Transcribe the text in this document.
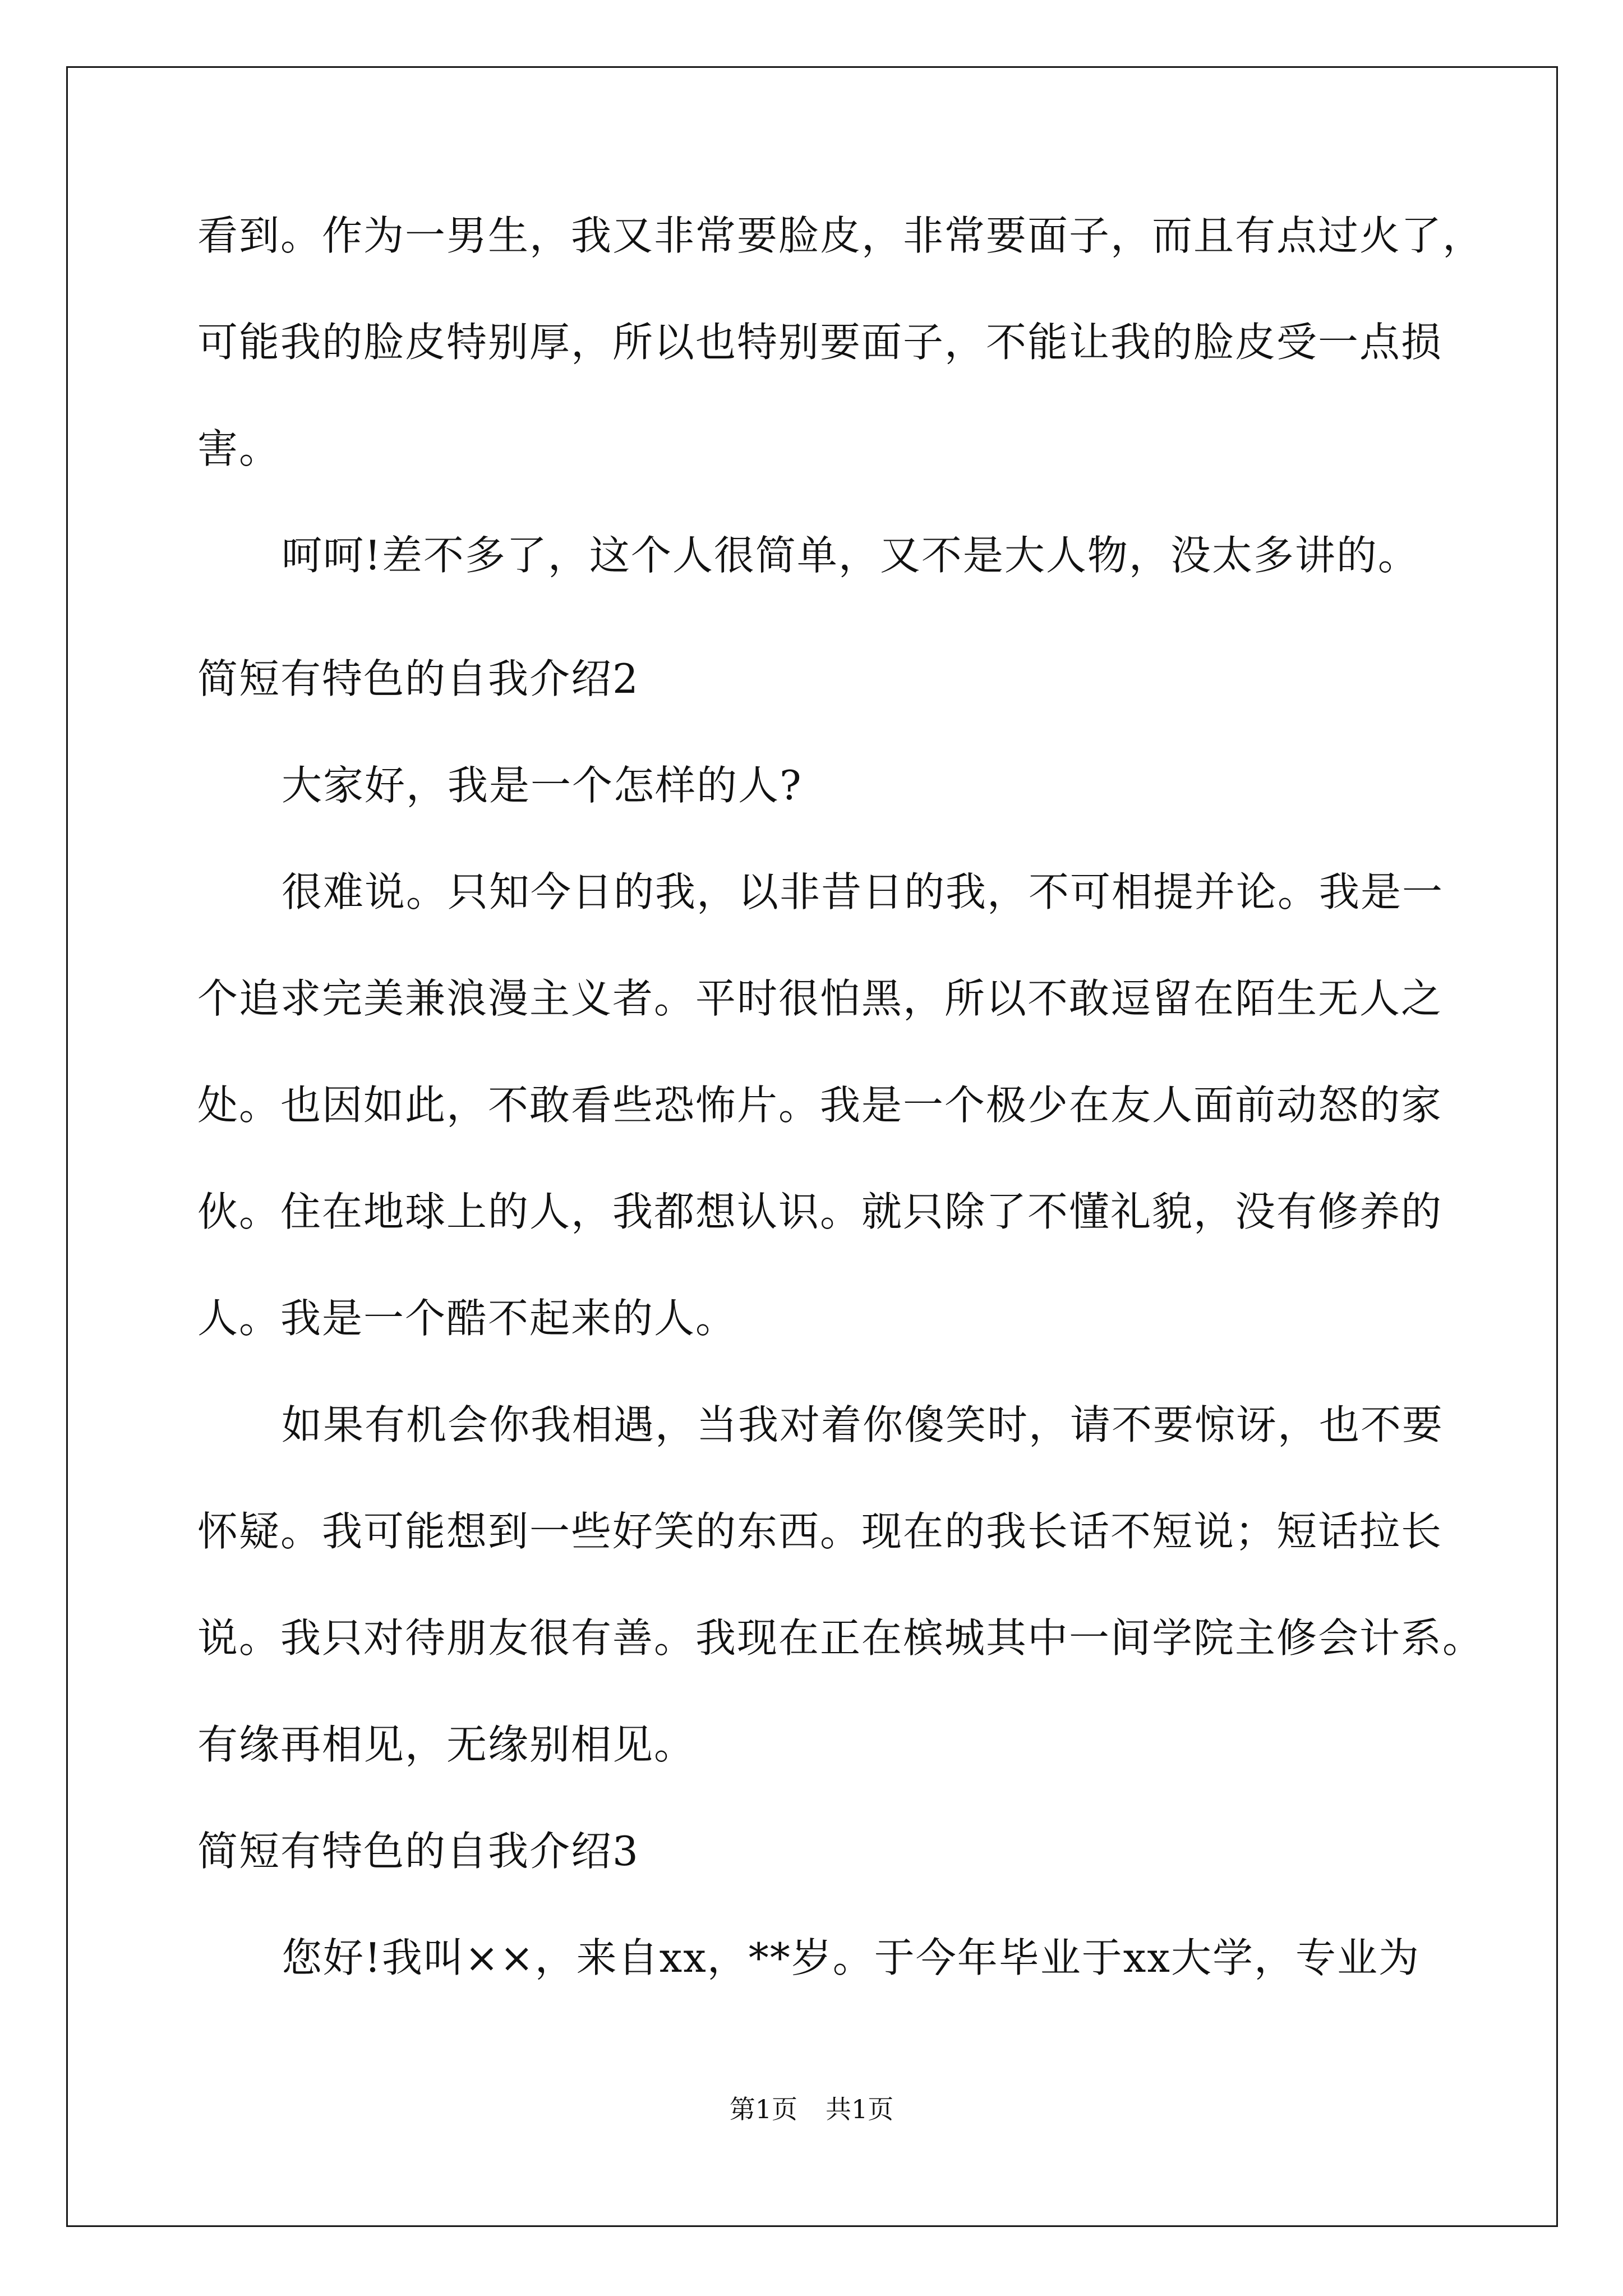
看到。作为一男生，我又非常要脸皮，非常要面子，而且有点过火了，
可能我的脸皮特别厚，所以也特别要面子，不能让我的脸皮受一点损
害。
呵呵!差不多了，这个人很简单，又不是大人物，没太多讲的。
简短有特色的自我介绍2
大家好，我是一个怎样的人?
很难说。只知今日的我，以非昔日的我，不可相提并论。我是一
个追求完美兼浪漫主义者。平时很怕黑，所以不敢逗留在陌生无人之
处。也因如此，不敢看些恐怖片。我是一个极少在友人面前动怒的家
伙。住在地球上的人，我都想认识。就只除了不懂礼貌，没有修养的
人。我是一个酷不起来的人。
如果有机会你我相遇，当我对着你傻笑时，请不要惊讶，也不要
怀疑。我可能想到一些好笑的东西。现在的我长话不短说；短话拉长
说。我只对待朋友很有善。我现在正在槟城其中一间学院主修会计系。
有缘再相见，无缘别相见。
简短有特色的自我介绍3
您好!我叫××，来自xx，**岁。于今年毕业于xx大学，专业为
第1页 共1页
